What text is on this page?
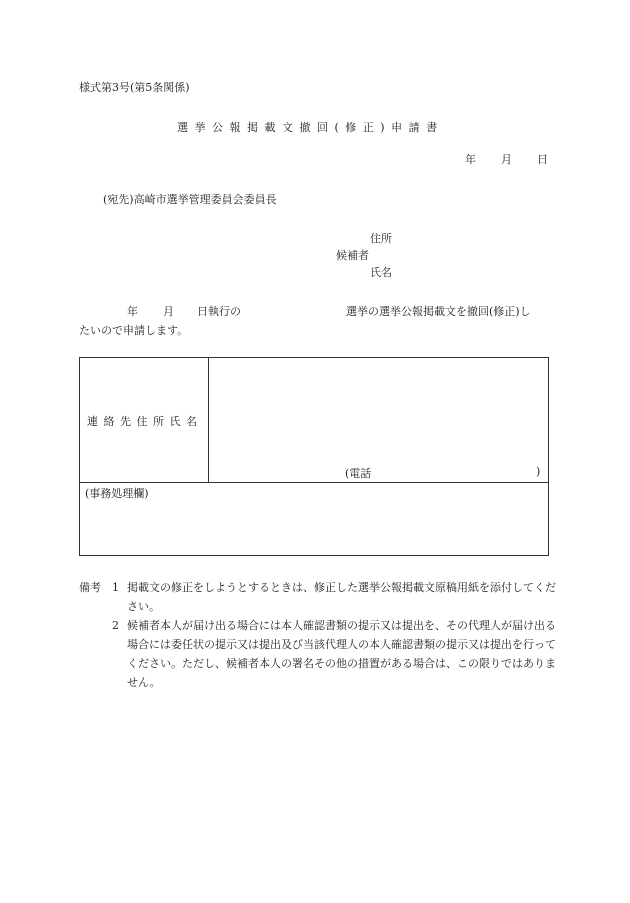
様式第3号(第5条関係)
選挙公報掲載文撤回(修正)申請書
年 月 日
(宛先)高崎市選挙管理委員会委員長
住所
候補者
氏名
年 月 日執行の	選挙の選挙公報掲載文を撤回(修正)し
たいので申請します。
連絡先住所氏名
(電話	)
(事務処理欄)
備考	1 掲載文の修正をしようとするときは、修正した選挙公報掲載文原稿用紙を添付してください。
2 候補者本人が届け出る場合には本人確認書類の提示又は提出を、その代理人が届け出る場合には委任状の提示又は提出及び当該代理人の本人確認書類の提示又は提出を行ってください。ただし、候補者本人の署名その他の措置がある場合は、この限りではありません。
